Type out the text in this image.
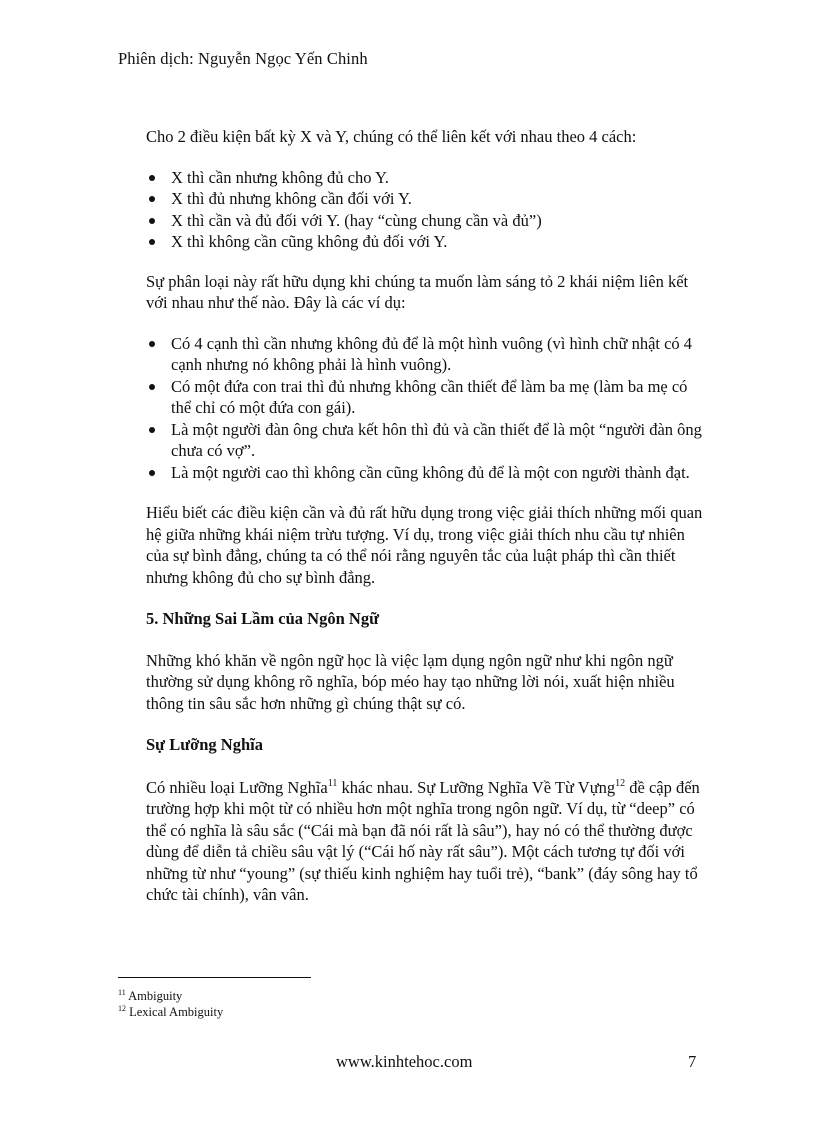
Phiên dịch: Nguyễn Ngọc Yến Chinh

Cho 2 điều kiện bất kỳ X và Y, chúng có thể liên kết với nhau theo 4 cách:

X thì cần nhưng không đủ cho Y.
X thì đủ nhưng không cần đối với Y.
X thì cần và đủ đối với Y. (hay “cùng chung cần và đủ”)
X thì không cần cũng không đủ đối với Y.

Sự phân loại này rất hữu dụng khi chúng ta muốn làm sáng tỏ 2 khái niệm liên kết với nhau như thế nào. Đây là các ví dụ:

Có 4 cạnh thì cần nhưng không đủ để là một hình vuông (vì hình chữ nhật có 4 cạnh nhưng nó không phải là hình vuông).
Có một đứa con trai thì đủ nhưng không cần thiết để làm ba mẹ (làm ba mẹ có thể chỉ có một đứa con gái).
Là một người đàn ông chưa kết hôn thì đủ và cần thiết để là một “người đàn ông chưa có vợ”.
Là một người cao thì không cần cũng không đủ để là một con người thành đạt.

Hiểu biết các điều kiện cần và đủ rất hữu dụng trong việc giải thích những mối quan hệ giữa những khái niệm trừu tượng. Ví dụ, trong việc giải thích nhu cầu tự nhiên của sự bình đẳng, chúng ta có thể nói rằng nguyên tắc của luật pháp thì cần thiết nhưng không đủ cho sự bình đẳng.

5. Những Sai Lầm của Ngôn Ngữ

Những khó khăn về ngôn ngữ học là việc lạm dụng ngôn ngữ như khi ngôn ngữ thường sử dụng không rõ nghĩa, bóp méo hay tạo những lời nói, xuất hiện nhiều thông tin sâu sắc hơn những gì chúng thật sự có.

Sự Lưỡng Nghĩa

Có nhiều loại Lưỡng Nghĩa$^{11}$ khác nhau. Sự Lưỡng Nghĩa Về Từ Vựng$^{12}$ đề cập đến trường hợp khi một từ có nhiều hơn một nghĩa trong ngôn ngữ. Ví dụ, từ “deep” có thể có nghĩa là sâu sắc (“Cái mà bạn đã nói rất là sâu”), hay nó có thể thường được dùng để diễn tả chiều sâu vật lý (“Cái hố này rất sâu”). Một cách tương tự đối với những từ như “young” (sự thiếu kinh nghiệm hay tuổi trẻ), “bank” (đáy sông hay tổ chức tài chính), vân vân.

$^{11}$ Ambiguity
$^{12}$ Lexical Ambiguity
www.kinhtehoc.com	7
